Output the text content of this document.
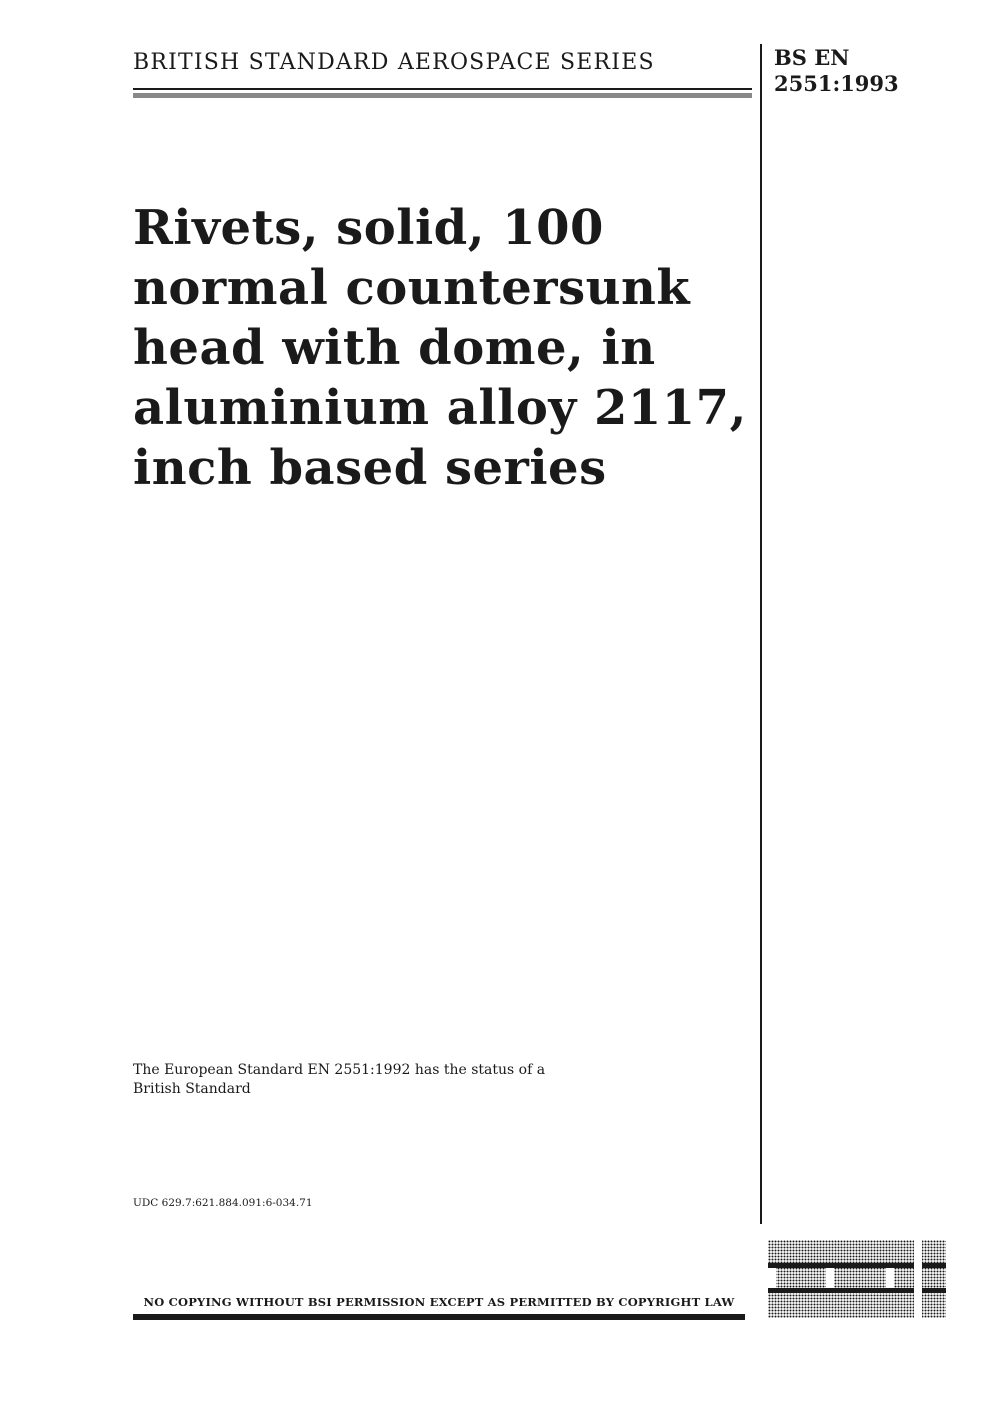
BRITISH STANDARD AEROSPACE SERIES	BS EN
2551:1993
Rivets, solid, 100
normal countersunk
head with dome, in
aluminium alloy 2117,
inch based series
The European Standard EN 2551:1992 has the status of a
British Standard
UDC 629.7:621.884.091:6-034.71
NO COPYING WITHOUT BSI PERMISSION EXCEPT AS PERMITTED BY COPYRIGHT LAW
